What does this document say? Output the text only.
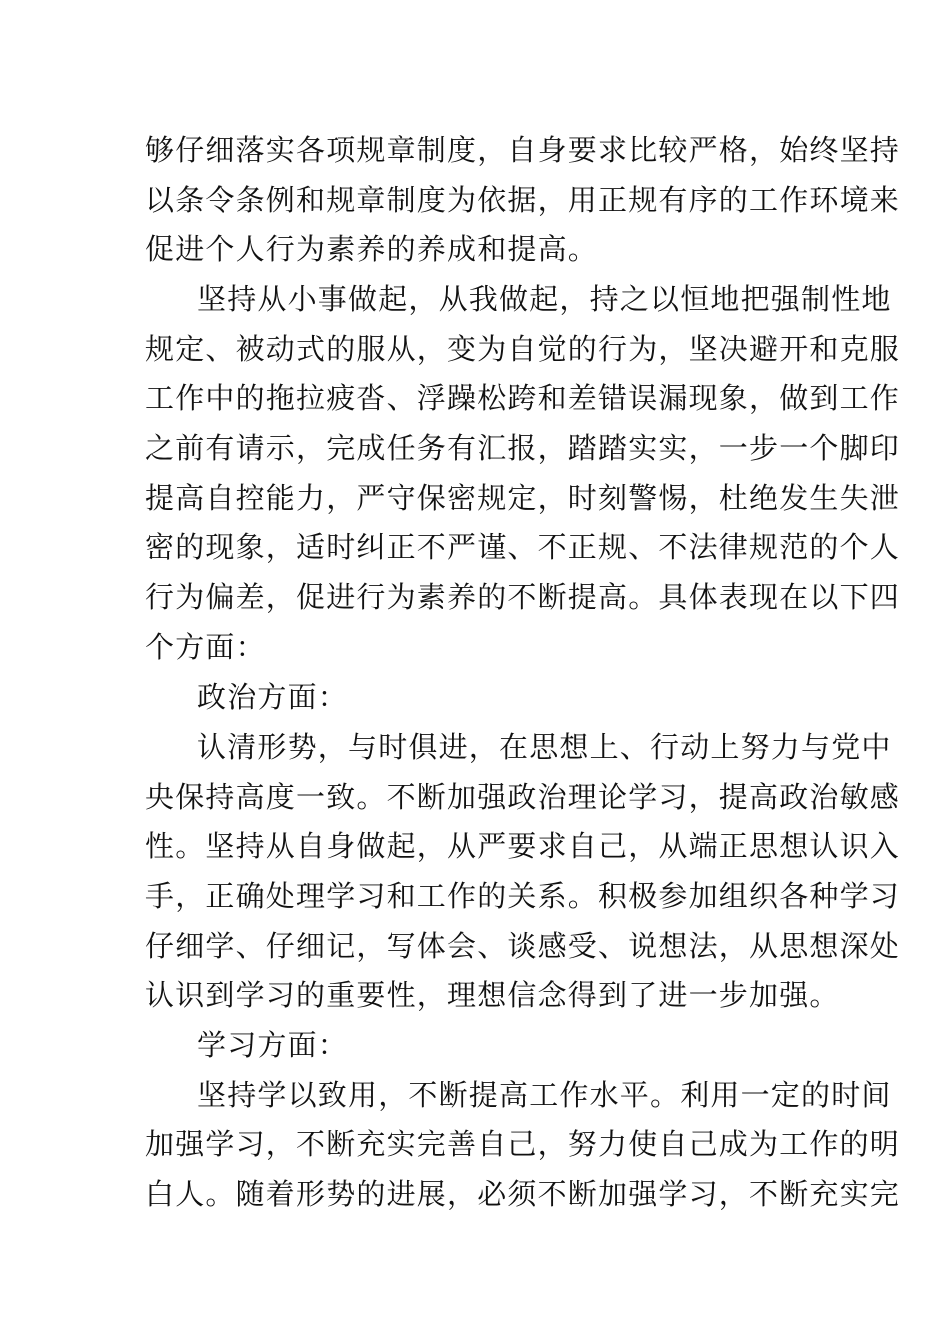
够仔细落实各项规章制度，自身要求比较严格，始终坚持
以条令条例和规章制度为依据，用正规有序的工作环境来
促进个人行为素养的养成和提高。
坚持从小事做起，从我做起，持之以恒地把强制性地
规定、被动式的服从，变为自觉的行为，坚决避开和克服
工作中的拖拉疲沓、浮躁松跨和差错误漏现象，做到工作
之前有请示，完成任务有汇报，踏踏实实，一步一个脚印
提高自控能力，严守保密规定，时刻警惕，杜绝发生失泄
密的现象，适时纠正不严谨、不正规、不法律规范的个人
行为偏差，促进行为素养的不断提高。具体表现在以下四
个方面：
政治方面：
认清形势，与时俱进，在思想上、行动上努力与党中
央保持高度一致。不断加强政治理论学习，提高政治敏感
性。坚持从自身做起，从严要求自己，从端正思想认识入
手，正确处理学习和工作的关系。积极参加组织各种学习
仔细学、仔细记，写体会、谈感受、说想法，从思想深处
认识到学习的重要性，理想信念得到了进一步加强。
学习方面：
坚持学以致用，不断提高工作水平。利用一定的时间
加强学习，不断充实完善自己，努力使自己成为工作的明
白人。随着形势的进展，必须不断加强学习，不断充实完
